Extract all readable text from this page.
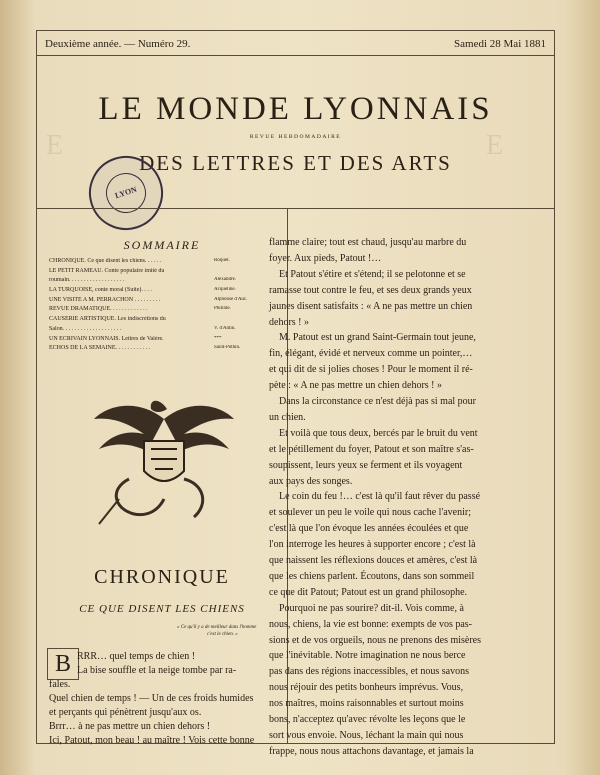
E	E
Deuxième année. — Numéro 29.	Samedi 28 Mai 1881
LE MONDE LYONNAIS
REVUE HEBDOMADAIRE
DES LETTRES ET DES ARTS
LYON
SOMMAIRE
CHRONIQUE. Ce que disent les chiens. . . . . .	Roquet.
LE PETIT RAMEAU. Conte populaire imité du
roumain. . . . . . . . . . . . . . . . . . .	Alexandre.
LA TURQUOISE, conte moral (Suite). . . .	Acqueline.
UNE VISITE A M. PERRACHON . . . . . . . . .	Alphonse d'Auc.
REVUE DRAMATIQUE. . . . . . . . . . . . .	Philinte.
CAUSERIE ARTISTIQUE. Les indiscrétions du
Salon. . . . . . . . . . . . . . . . . . . .	V. d'Antin.
UN ÉCRIVAIN LYONNAIS. Lettres de Valère.	***
ÉCHOS DE LA SEMAINE. . . . . . . . . . . .	Saint-Pothin.
CHRONIQUE
CE QUE DISENT LES CHIENS
« Ce qu'il y a de meilleur dans l'homme
c'est le chien. »
B RRR… quel temps de chien !
La bise souffle et la neige tombe par ra-
fales.
Quel chien de temps ! — Un de ces froids humides
et perçants qui pénètrent jusqu'aux os.
Brrr… à ne pas mettre un chien dehors !
Ici, Patout, mon beau ! au maître ! Vois cette bonne
flamme claire; tout est chaud, jusqu'au marbre du
foyer. Aux pieds, Patout !…
Et Patout s'étire et s'étend; il se pelotonne et se
ramasse tout contre le feu, et ses deux grands yeux
jaunes disent satisfaits : « A ne pas mettre un chien
dehors ! »
M. Patout est un grand Saint-Germain tout jeune,
fin, élégant, évidé et nerveux comme un pointer,…
et qui dit de si jolies choses ! Pour le moment il ré-
pète : « A ne pas mettre un chien dehors ! »
Dans la circonstance ce n'est déjà pas si mal pour
un chien.
Et voilà que tous deux, bercés par le bruit du vent
et le pétillement du foyer, Patout et son maître s'as-
soupissent, leurs yeux se ferment et ils voyagent
aux pays des songes.
Le coin du feu !… c'est là qu'il faut rêver du passé
et soulever un peu le voile qui nous cache l'avenir;
c'est là que l'on évoque les années écoulées et que
l'on interroge les heures à supporter encore ; c'est là
que naissent les réflexions douces et amères, c'est là
que les chiens parlent. Écoutons, dans son sommeil
ce que dit Patout; Patout est un grand philosophe.
Pourquoi ne pas sourire? dit-il. Vois comme, à
nous, chiens, la vie est bonne: exempts de vos pas-
sions et de vos orgueils, nous ne prenons des misères
que l'inévitable. Notre imagination ne nous berce
pas dans des régions inaccessibles, et nous savons
nous réjouir des petits bonheurs imprévus. Vous,
nos maîtres, moins raisonnables et surtout moins
bons, n'acceptez qu'avec révolte les leçons que le
sort vous envoie. Nous, léchant la main qui nous
frappe, nous nous attachons davantage, et jamais la
